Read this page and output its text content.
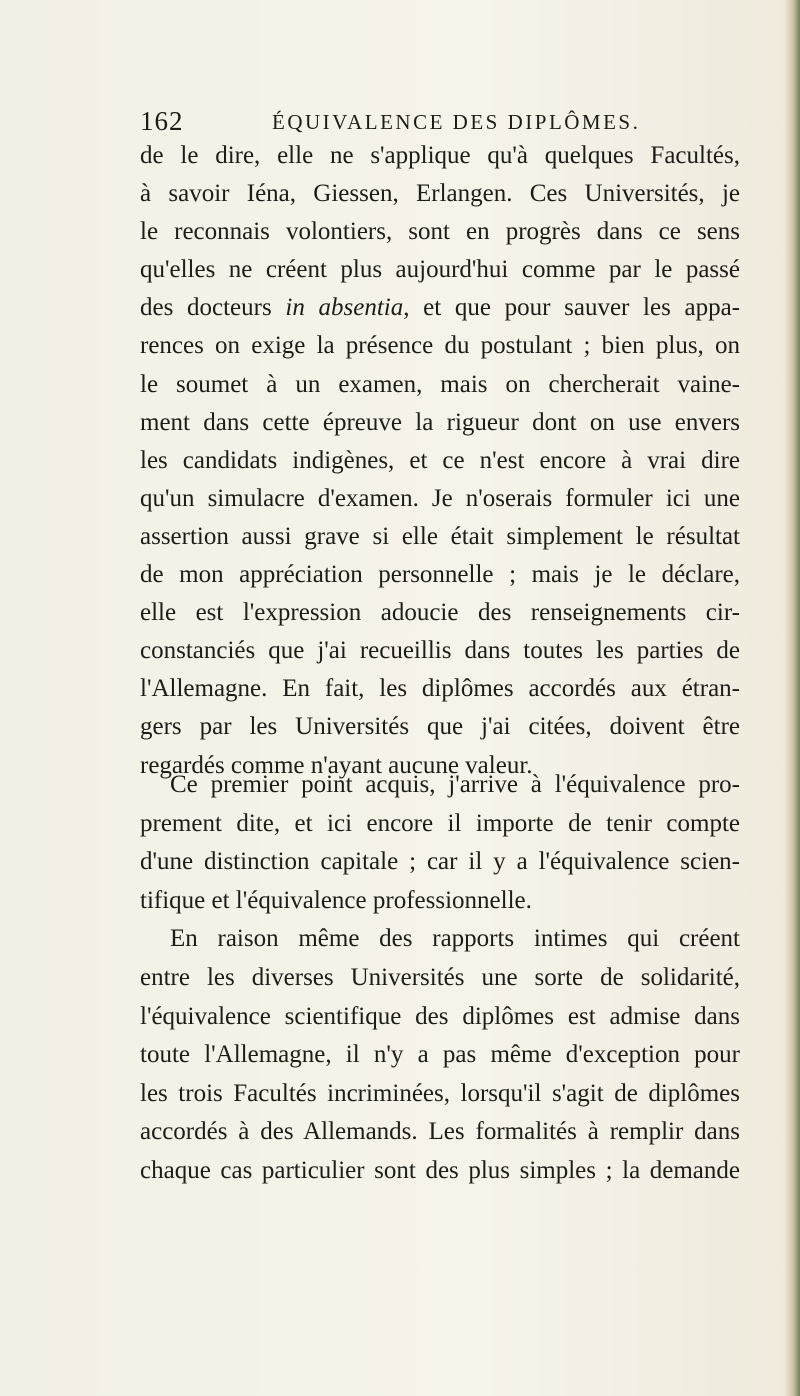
162	ÉQUIVALENCE DES DIPLÔMES.
de le dire, elle ne s'applique qu'à quelques Facultés,
à savoir Iéna, Giessen, Erlangen. Ces Universités, je
le reconnais volontiers, sont en progrès dans ce sens
qu'elles ne créent plus aujourd'hui comme par le passé
des docteurs in absentia, et que pour sauver les appa-
rences on exige la présence du postulant ; bien plus, on
le soumet à un examen, mais on chercherait vaine-
ment dans cette épreuve la rigueur dont on use envers
les candidats indigènes, et ce n'est encore à vrai dire
qu'un simulacre d'examen. Je n'oserais formuler ici une
assertion aussi grave si elle était simplement le résultat
de mon appréciation personnelle ; mais je le déclare,
elle est l'expression adoucie des renseignements cir-
constanciés que j'ai recueillis dans toutes les parties de
l'Allemagne. En fait, les diplômes accordés aux étran-
gers par les Universités que j'ai citées, doivent être
regardés comme n'ayant aucune valeur.
Ce premier point acquis, j'arrive à l'équivalence pro-
prement dite, et ici encore il importe de tenir compte
d'une distinction capitale ; car il y a l'équivalence scien-
tifique et l'équivalence professionnelle.
En raison même des rapports intimes qui créent
entre les diverses Universités une sorte de solidarité,
l'équivalence scientifique des diplômes est admise dans
toute l'Allemagne, il n'y a pas même d'exception pour
les trois Facultés incriminées, lorsqu'il s'agit de diplômes
accordés à des Allemands. Les formalités à remplir dans
chaque cas particulier sont des plus simples ; la demande
